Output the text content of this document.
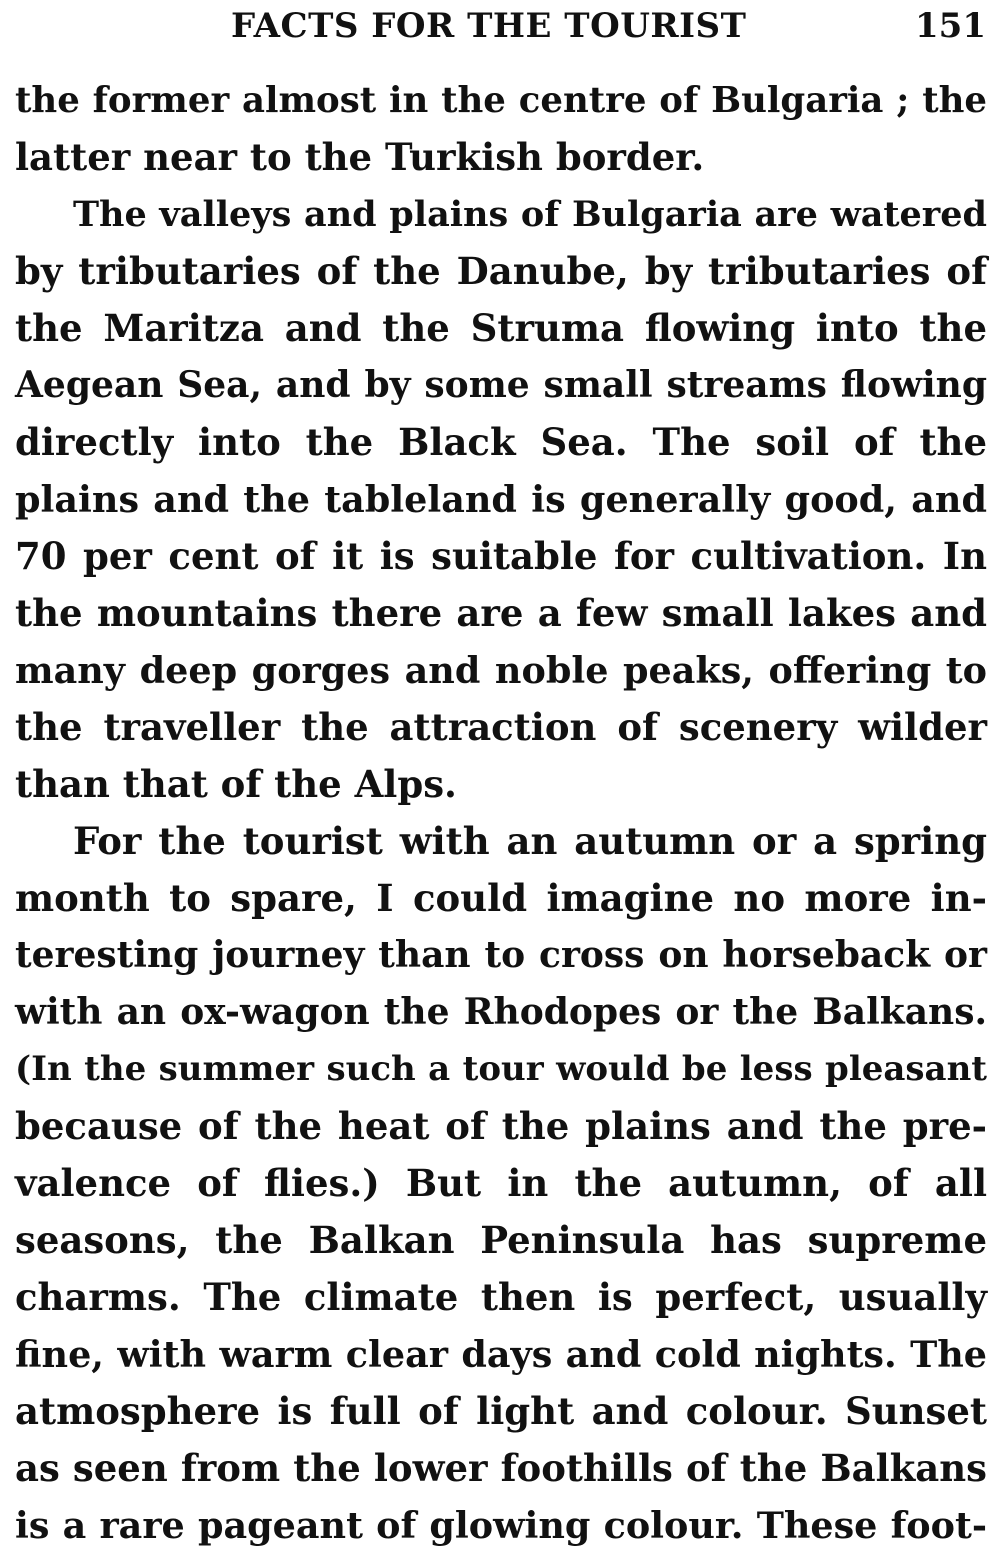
FACTS FOR THE TOURIST	151
the former almost in the centre of Bulgaria ; the
latter near to the Turkish border.
The valleys and plains of Bulgaria are watered
by tributaries of the Danube, by tributaries of
the Maritza and the Struma flowing into the
Aegean Sea, and by some small streams flowing
directly into the Black Sea. The soil of the
plains and the tableland is generally good, and
70 per cent of it is suitable for cultivation. In
the mountains there are a few small lakes and
many deep gorges and noble peaks, offering to
the traveller the attraction of scenery wilder
than that of the Alps.
For the tourist with an autumn or a spring
month to spare, I could imagine no more in-
teresting journey than to cross on horseback or
with an ox-wagon the Rhodopes or the Balkans.
(In the summer such a tour would be less pleasant
because of the heat of the plains and the pre-
valence of flies.) But in the autumn, of all
seasons, the Balkan Peninsula has supreme
charms. The climate then is perfect, usually
fine, with warm clear days and cold nights. The
atmosphere is full of light and colour. Sunset
as seen from the lower foothills of the Balkans
is a rare pageant of glowing colour. These foot-
